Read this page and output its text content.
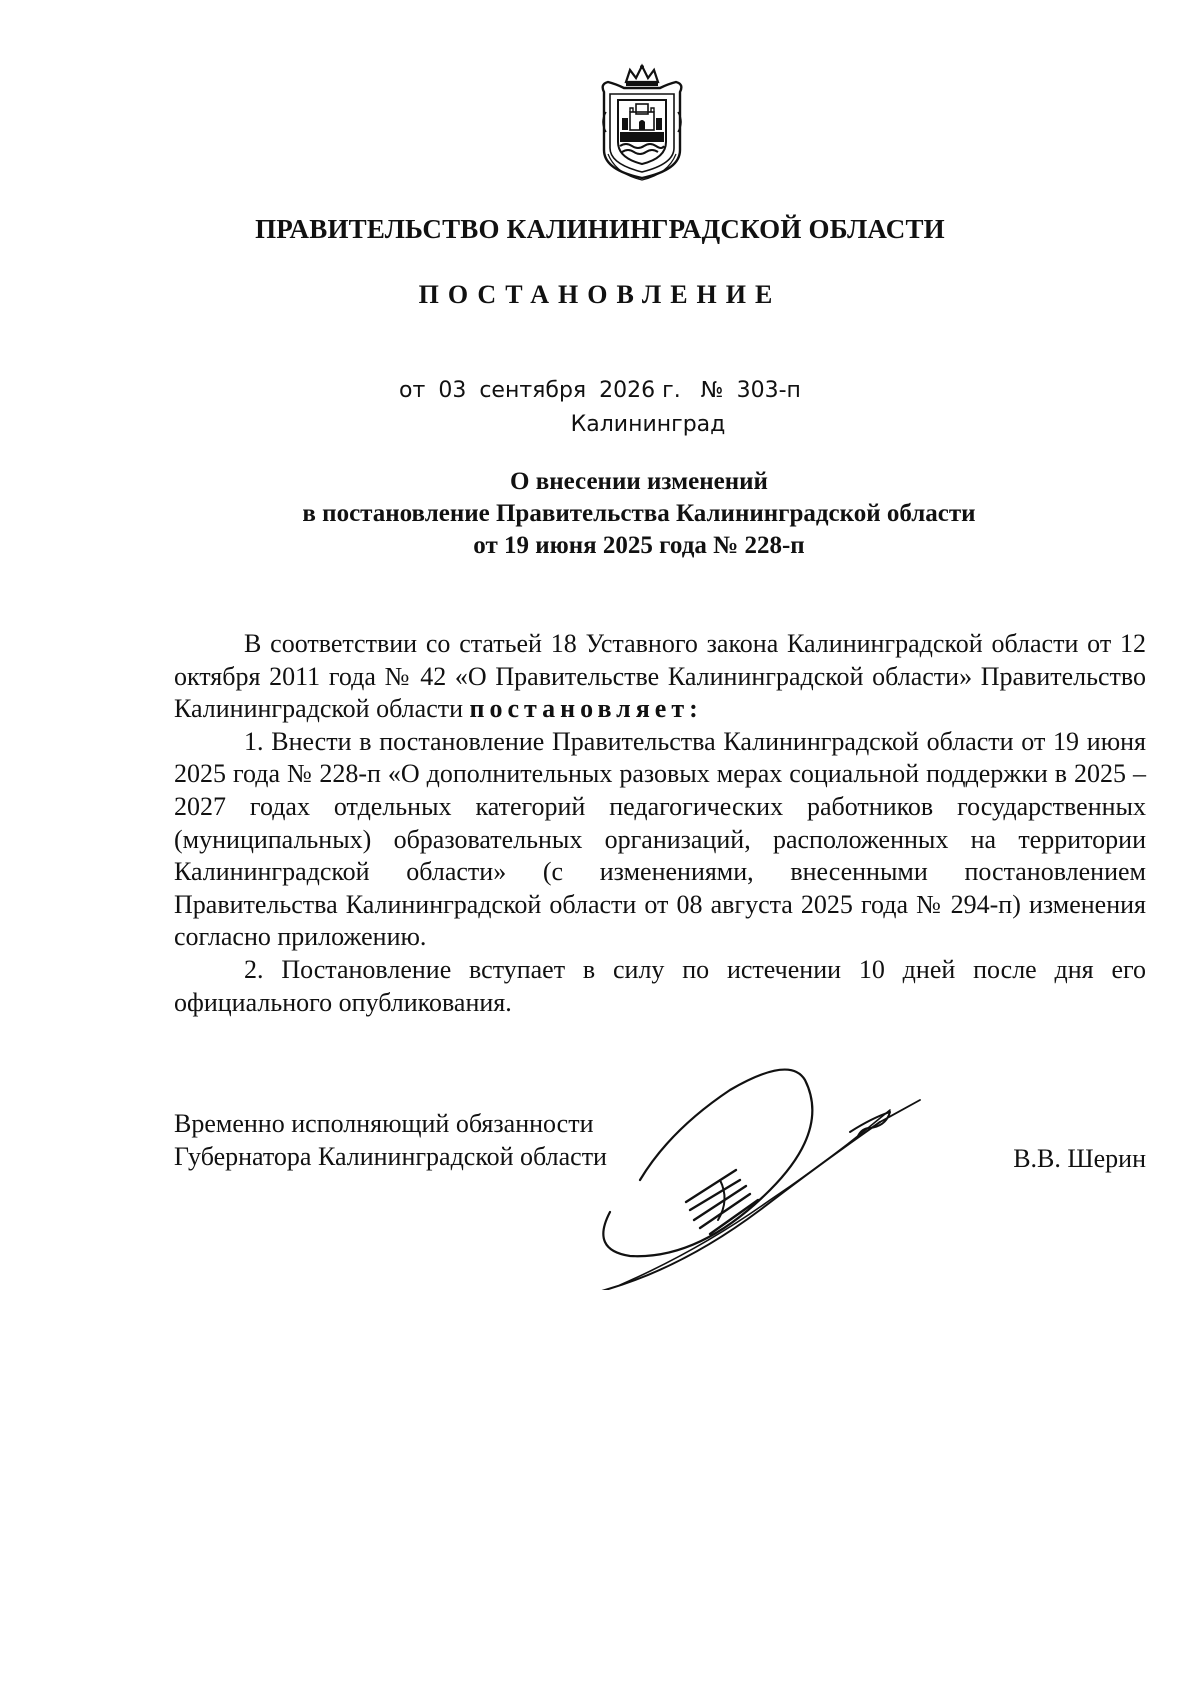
ПРАВИТЕЛЬСТВО КАЛИНИНГРАДСКОЙ ОБЛАСТИ
ПОСТАНОВЛЕНИЕ
от 03 сентября 2026 г. № 303-п
Калининград
О внесении изменений
в постановление Правительства Калининградской области
от 19 июня 2025 года № 228-п

В соответствии со статьей 18 Уставного закона Калининградской области от 12 октября 2011 года № 42 «О Правительстве Калининградской области» Правительство Калининградской области постановляет:

1. Внести в постановление Правительства Калининградской области от 19 июня 2025 года № 228-п «О дополнительных разовых мерах социальной поддержки в 2025 – 2027 годах отдельных категорий педагогических работников государственных (муниципальных) образовательных организаций, расположенных на территории Калининградской области» (с изменениями, внесенными постановлением Правительства Калининградской области от 08 августа 2025 года № 294-п) изменения согласно приложению.

2. Постановление вступает в силу по истечении 10 дней после дня его официального опубликования.

Временно исполняющий обязанности
Губернатора Калининградской области	В.В. Шерин
